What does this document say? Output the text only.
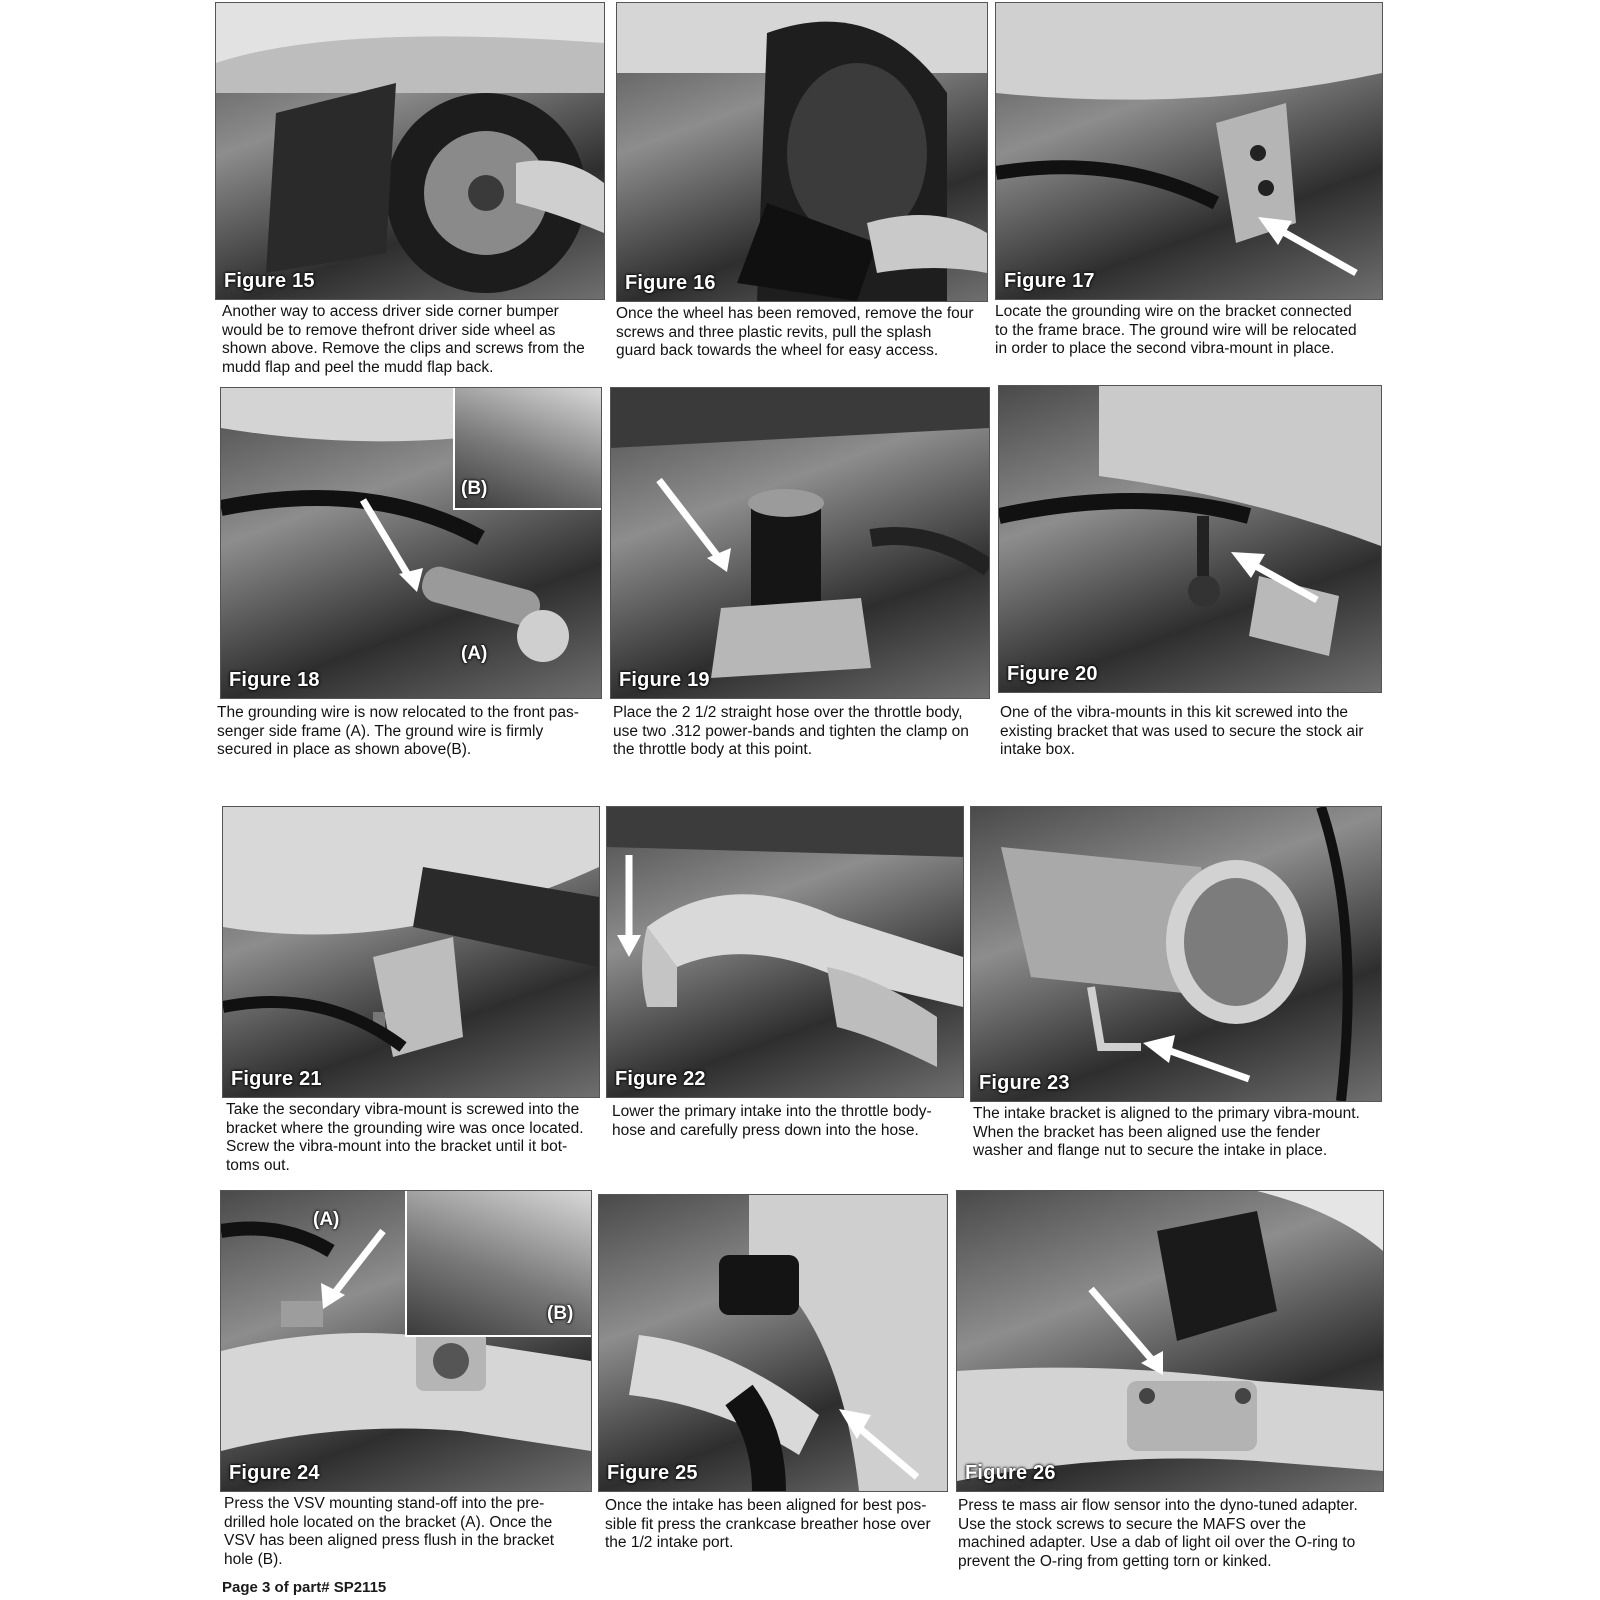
Figure 15
Another way to access driver side corner bumper
would be to remove thefront driver side wheel as
shown above. Remove the clips and screws from the
mudd flap and peel the mudd flap back.
Figure 16
Once the wheel has been removed, remove the four
screws and three plastic revits, pull the splash
guard back towards the wheel for easy access.
Figure 17
Locate the grounding wire on the bracket connected
to the frame brace. The ground wire will be relocated
in order to place the second vibra-mount in place.
(B)
(A)
Figure 18
The grounding wire is now relocated to the front pas-
senger side frame (A). The ground wire is firmly
secured in place as shown above(B).
Figure 19
Place the 2 1/2 straight hose over the throttle body,
use two .312 power-bands and tighten the clamp on
the throttle body at this point.
Figure 20
One of the vibra-mounts in this kit screwed into the
existing bracket that was used to secure the stock air
intake box.
Figure 21
Take the secondary vibra-mount is screwed into the
bracket where the grounding wire was once located.
Screw the vibra-mount into the bracket until it bot-
toms out.
Figure 22
Lower the primary intake into the throttle body-
hose and carefully press down into the hose.
Figure 23
The intake bracket is aligned to the primary vibra-mount.
When the bracket has been aligned use the fender
washer and flange nut to secure the intake in place.
(A)
(B)
Figure 24
Press the VSV mounting stand-off into the pre-
drilled hole located on the bracket (A). Once the
VSV has been aligned press flush in the bracket
hole (B).
Figure 25
Once the intake has been aligned for best pos-
sible fit press the crankcase breather hose over
the 1/2 intake port.
Figure 26
Press te mass air flow sensor into the dyno-tuned adapter.
Use the stock screws to secure the MAFS over the
machined adapter. Use a dab of light oil over the O-ring to
prevent the O-ring from getting torn or kinked.
Page 3 of part# SP2115
